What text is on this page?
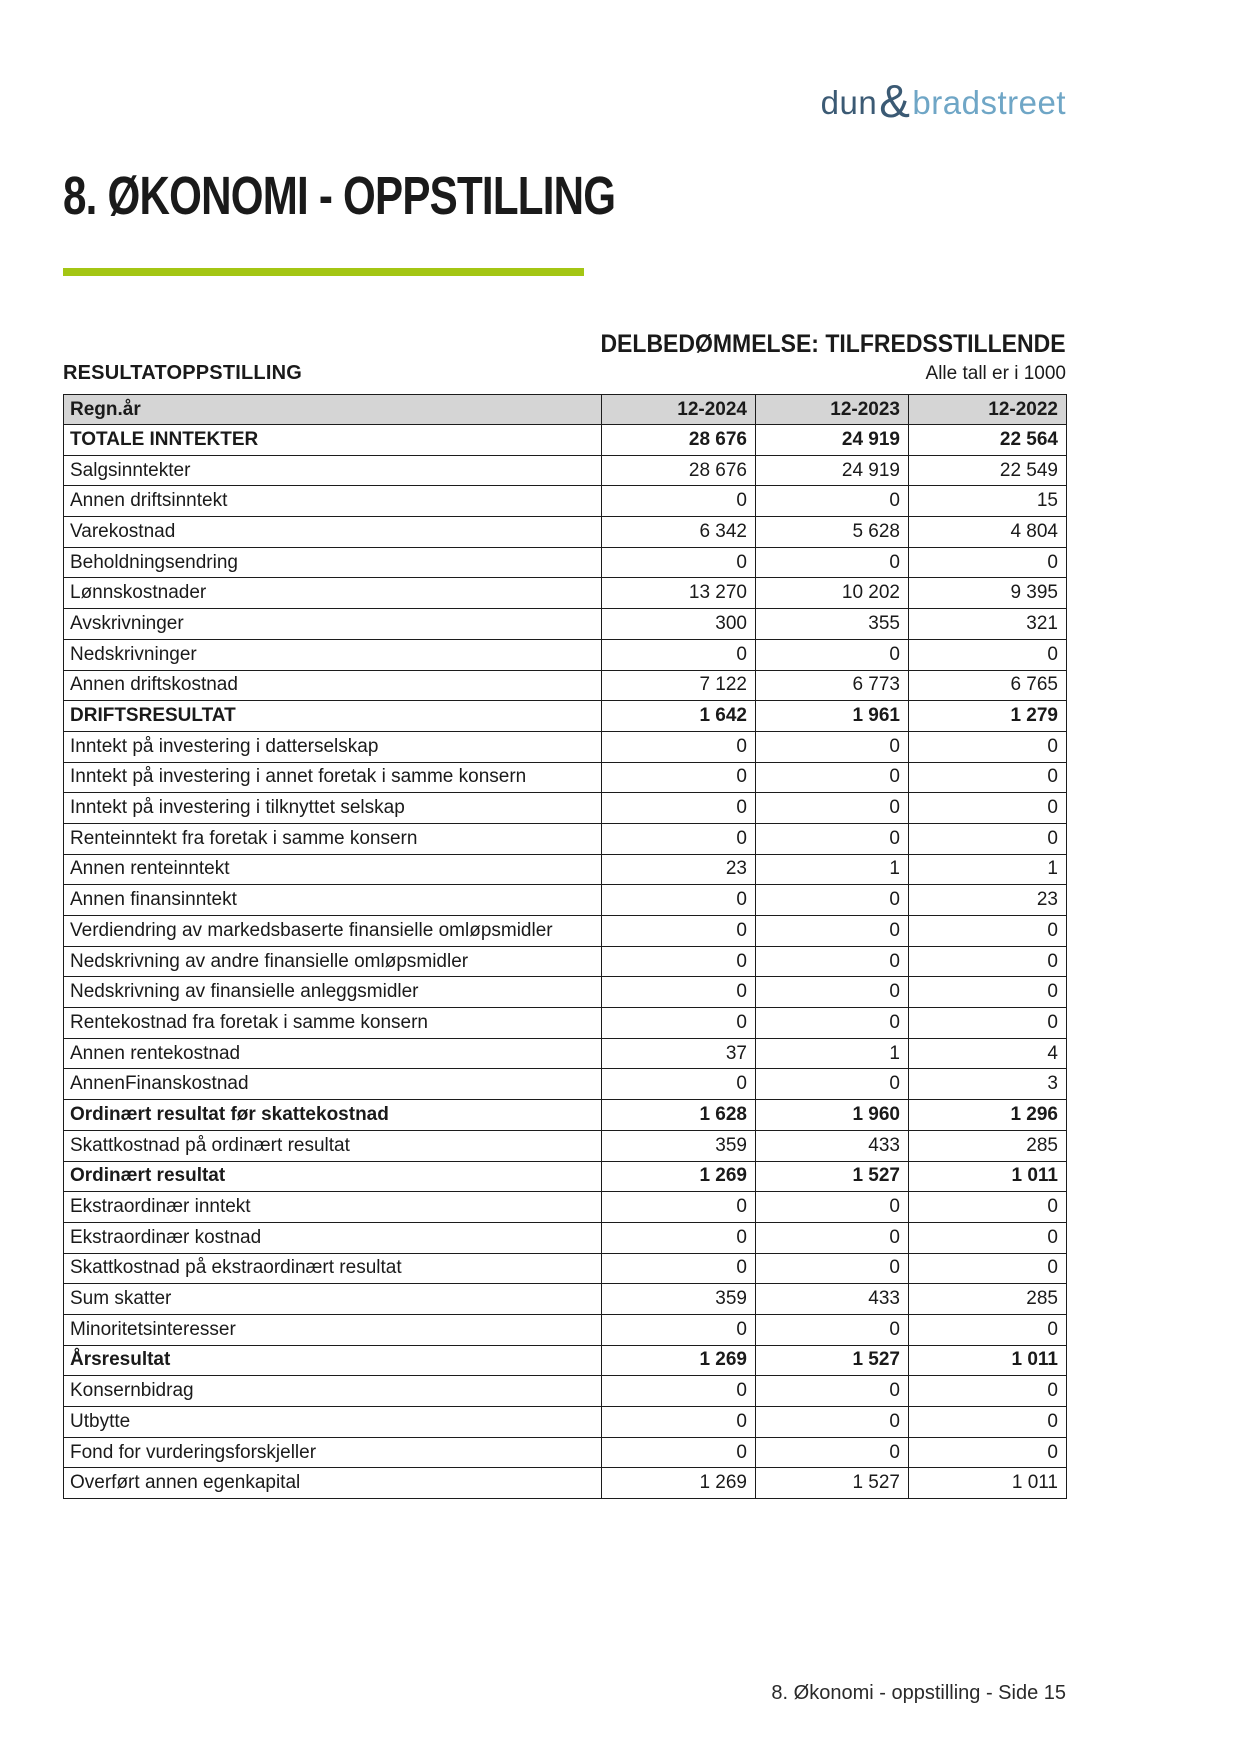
dun & bradstreet
8. ØKONOMI - OPPSTILLING
DELBEDØMMELSE: TILFREDSSTILLENDE
RESULTATOPPSTILLING	Alle tall er i 1000
Regn.år	12-2024	12-2023	12-2022
TOTALE INNTEKTER	28 676	24 919	22 564
Salgsinntekter	28 676	24 919	22 549
Annen driftsinntekt	0	0	15
Varekostnad	6 342	5 628	4 804
Beholdningsendring	0	0	0
Lønnskostnader	13 270	10 202	9 395
Avskrivninger	300	355	321
Nedskrivninger	0	0	0
Annen driftskostnad	7 122	6 773	6 765
DRIFTSRESULTAT	1 642	1 961	1 279
Inntekt på investering i datterselskap	0	0	0
Inntekt på investering i annet foretak i samme konsern	0	0	0
Inntekt på investering i tilknyttet selskap	0	0	0
Renteinntekt fra foretak i samme konsern	0	0	0
Annen renteinntekt	23	1	1
Annen finansinntekt	0	0	23
Verdiendring av markedsbaserte finansielle omløpsmidler	0	0	0
Nedskrivning av andre finansielle omløpsmidler	0	0	0
Nedskrivning av finansielle anleggsmidler	0	0	0
Rentekostnad fra foretak i samme konsern	0	0	0
Annen rentekostnad	37	1	4
AnnenFinanskostnad	0	0	3
Ordinært resultat før skattekostnad	1 628	1 960	1 296
Skattkostnad på ordinært resultat	359	433	285
Ordinært resultat	1 269	1 527	1 011
Ekstraordinær inntekt	0	0	0
Ekstraordinær kostnad	0	0	0
Skattkostnad på ekstraordinært resultat	0	0	0
Sum skatter	359	433	285
Minoritetsinteresser	0	0	0
Årsresultat	1 269	1 527	1 011
Konsernbidrag	0	0	0
Utbytte	0	0	0
Fond for vurderingsforskjeller	0	0	0
Overført annen egenkapital	1 269	1 527	1 011
8. Økonomi - oppstilling - Side 15
